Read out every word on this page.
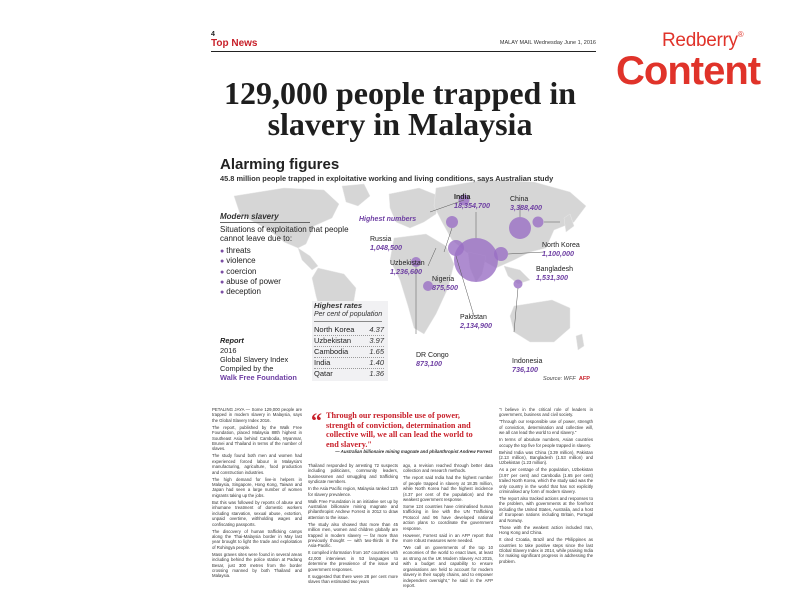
Redberry®
Content
4
Top News	MALAY MAIL Wednesday June 1, 2016
129,000 people trapped in
slavery in Malaysia
Alarming figures
45.8 million people trapped in exploitative working and living conditions, says Australian study
Modern slavery
Situations of exploitation that people cannot leave due to:
● threats
● violence
● coercion
● abuse of power
● deception
Highest numbers
India
18,354,700
China
3,388,400
Russia
1,048,500	North Korea
1,100,000
Uzbekistan
1,236,600	Bangladesh
1,531,300
Nigeria
875,500
Pakistan
2,134,900
DR Congo
873,100	Indonesia
736,100
Highest rates
Per cent of population
North Korea 4.37
Uzbekistan 3.97
Cambodia	1.65
India	1.40
Qatar	1.36
Report
2016
Global Slavery Index
Compiled by the
Walk Free Foundation	Source: WFF AFP

PETALING JAYA — Some 129,000 people are trapped in modern slavery in Malaysia, says the Global Slavery Index 2016.

The report, published by the Walk Free Foundation, placed Malaysia 88th highest in Southeast Asia behind Cambodia, Myanmar, Brunei and Thailand in terms of the number of slaves.

The study found both men and women had experienced forced labour in Malaysia's manufacturing, agriculture, food production and construction industries.

The high demand for live-in helpers in Malaysia, Singapore, Hong Kong, Taiwan and Japan had seen a large number of women migrants taking up the jobs.

But this was followed by reports of abuse and inhumane treatment of domestic workers including starvation, sexual abuse, extortion, unpaid overtime, withholding wages and confiscating passports.

The discovery of human trafficking camps along the Thai-Malaysia border in May last year brought to light the trade and exploitation of Rohingya people.

Mass graves sites were found in several areas including behind the police station at Padang Besar, just 300 metres from the border crossing manned by both Thailand and Malaysia.

“ Through our responsible use of power, strength of conviction, determination and collective will, we all can lead the world to end slavery."
— Australian billionaire mining magnate and philanthropist Andrew Forrest

Thailand responded by arresting 72 suspects including politicians, community leaders, businessmen and smuggling and trafficking syndicate members.

In the Asia Pacific region, Malaysia ranked 11th for slavery prevalence.

Walk Free Foundation is an initiative set up by Australian billionaire mining magnate and philanthropist Andrew Forrest in 2012 to draw attention to the issue.

The study also showed that more than 45 million men, women and children globally are trapped in modern slavery — far more than previously thought — with two-thirds in the Asia-Pacific.

It compiled information from 167 countries with 42,000 interviews in 53 languages to determine the prevalence of the issue and government responses.

It suggested that there were 28 per cent more slaves than estimated two years

ago, a revision reached through better data collection and research methods.

The report said India had the highest number of people trapped in slavery at 18.35 million, while North Korea had the highest incidence (4.37 per cent of the population) and the weakest government response.

Some 124 countries have criminalised human trafficking in line with the UN Trafficking Protocol and 96 have developed national action plans to coordinate the government response.

However, Forrest said in an AFP report that more robust measures were needed.

"We call on governments of the top 10 economies of the world to enact laws, at least as strong as the UK Modern Slavery Act 2015, with a budget and capability to ensure organisations are held to account for modern slavery in their supply chains, and to empower independent oversight," he said in the AFP report.

"I believe in the critical role of leaders in government, business and civil society.

"Through our responsible use of power, strength of conviction, determination and collective will, we all can lead the world to end slavery."

In terms of absolute numbers, Asian countries occupy the top five for people trapped in slavery.

Behind India was China (3.39 million), Pakistan (2.13 million), Bangladesh (1.53 million) and Uzbekistan (1.23 million).

As a per centage of the population, Uzbekistan (3.97 per cent) and Cambodia (1.65 per cent) trailed North Korea, which the study said was the only country in the world that has not explicitly criminalised any form of modern slavery.

The report also tracked actions and responses to the problem, with governments at the forefront including the United States, Australia, and a host of European nations including Britain, Portugal and Norway.

Those with the weakest action included Iran, Hong Kong and China.

It cited Croatia, Brazil and the Philippines as countries to take positive steps since the last Global Slavery Index in 2014, while praising India for making significant progress in addressing the problem.
